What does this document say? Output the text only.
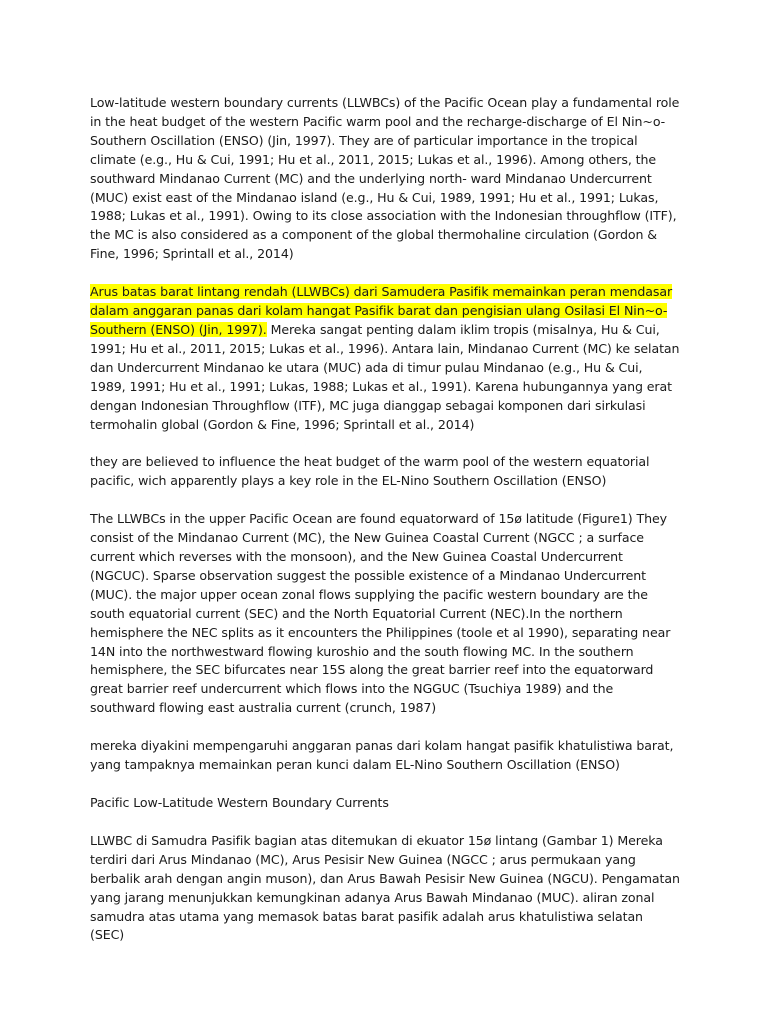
Low-latitude western boundary currents (LLWBCs) of the Pacific Ocean play a fundamental role in the heat budget of the western Pacific warm pool and the recharge-discharge of El Nin~o-Southern Oscillation (ENSO) (Jin, 1997). They are of particular importance in the tropical climate (e.g., Hu & Cui, 1991; Hu et al., 2011, 2015; Lukas et al., 1996). Among others, the southward Mindanao Current (MC) and the underlying north- ward Mindanao Undercurrent (MUC) exist east of the Mindanao island (e.g., Hu & Cui, 1989, 1991; Hu et al., 1991; Lukas, 1988; Lukas et al., 1991). Owing to its close association with the Indonesian throughflow (ITF), the MC is also considered as a component of the global thermohaline circulation (Gordon & Fine, 1996; Sprintall et al., 2014)

Arus batas barat lintang rendah (LLWBCs) dari Samudera Pasifik memainkan peran mendasar dalam anggaran panas dari kolam hangat Pasifik barat dan pengisian ulang Osilasi El Nin~o-Southern (ENSO) (Jin, 1997). Mereka sangat penting dalam iklim tropis (misalnya, Hu & Cui, 1991; Hu et al., 2011, 2015; Lukas et al., 1996). Antara lain, Mindanao Current (MC) ke selatan dan Undercurrent Mindanao ke utara (MUC) ada di timur pulau Mindanao (e.g., Hu & Cui, 1989, 1991; Hu et al., 1991; Lukas, 1988; Lukas et al., 1991). Karena hubungannya yang erat dengan Indonesian Throughflow (ITF), MC juga dianggap sebagai komponen dari sirkulasi termohalin global (Gordon & Fine, 1996; Sprintall et al., 2014)

they are believed to influence the heat budget of the warm pool of the western equatorial pacific, wich apparently plays a key role in the EL-Nino Southern Oscillation (ENSO)

The LLWBCs in the upper Pacific Ocean are found equatorward of 15ø latitude (Figure1) They consist of the Mindanao Current (MC), the New Guinea Coastal Current (NGCC ; a surface current which reverses with the monsoon), and the New Guinea Coastal Undercurrent (NGCUC). Sparse observation suggest the possible existence of a Mindanao Undercurrent (MUC). the major upper ocean zonal flows supplying the pacific western boundary are the south equatorial current (SEC) and the North Equatorial Current (NEC).In the northern hemisphere the NEC splits as it encounters the Philippines (toole et al 1990), separating near 14N into the northwestward flowing kuroshio and the south flowing MC. In the southern hemisphere, the SEC bifurcates near 15S along the great barrier reef into the equatorward great barrier reef undercurrent which flows into the NGGUC (Tsuchiya 1989) and the southward flowing east australia current (crunch, 1987)

mereka diyakini mempengaruhi anggaran panas dari kolam hangat pasifik khatulistiwa barat, yang tampaknya memainkan peran kunci dalam EL-Nino Southern Oscillation (ENSO)

Pacific Low-Latitude Western Boundary Currents

LLWBC di Samudra Pasifik bagian atas ditemukan di ekuator 15ø lintang (Gambar 1) Mereka terdiri dari Arus Mindanao (MC), Arus Pesisir New Guinea (NGCC ; arus permukaan yang berbalik arah dengan angin muson), dan Arus Bawah Pesisir New Guinea (NGCU). Pengamatan yang jarang menunjukkan kemungkinan adanya Arus Bawah Mindanao (MUC). aliran zonal samudra atas utama yang memasok batas barat pasifik adalah arus khatulistiwa selatan (SEC)
